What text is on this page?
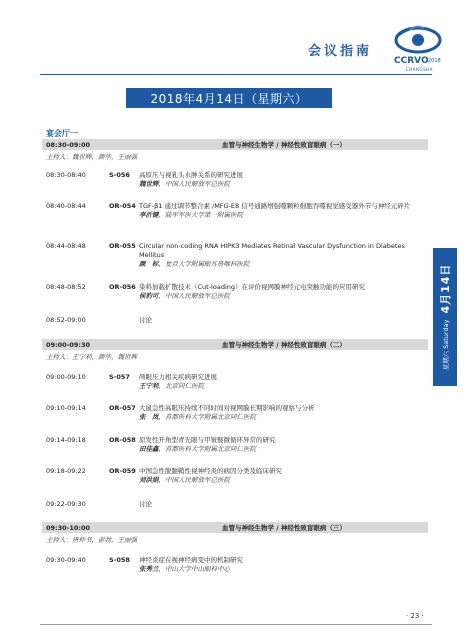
会议指南
CCRVO 2018
CHANGSHA
2018年4月14日（星期六）
宴会厅一
08:30-09:00	血管与神经生物学 / 神经性致盲眼病（一）
主持人：魏世辉，颜华，王丽强
08:30-08:40	S-056	高原压与视乳头水肿关系的研究进展
魏世辉，中国人民解放军总医院
08:40-08:44	OR-054 TGF-β1 通过调节整合素 /MFG-E8 信号通路增强噬颗粒细胞吞噬视觉感受器外节与神经元碎片
李沂键，陆军军医大学第一附属医院
08:44-08:48	OR-055 Circular non-coding RNA HIPK3 Mediates Retinal Vascular Dysfunction in Diabetes Mellitus
颜　标，复旦大学附属眼耳鼻喉科医院
08:48-08:52	OR-056 染料加载扩散技术（Cut-loading）在评价视网膜神经元电突触功能的应用研究
侯豹可，中国人民解放军总医院
08:52-09:00	讨论
09:00-09:30	血管与神经生物学 / 神经性致盲眼病（二）
主持人：王宁利，颜华，魏世辉
09:00-09:10	S-057	颅眼压力相关疾病研究进展
王宁利，北京同仁医院
09:10-09:14	OR-057 大鼠急性高眼压持续不同时间对视网膜长期影响的观察与分析
张　岚，首都医科大学附属北京同仁医院
09:14-09:18	OR-058 原发性开角型青光眼与甲皱襞微循环异常的研究
田佳鑫，首都医科大学附属北京同仁医院
09:18-09:22	OR-059 中国急性脱髓鞘性视神经炎的病因分类及临床研究
刘洪娟，中国人民解放军总医院
09:22-09:30	讨论
09:30-10:00	血管与神经生物学 / 神经性致盲眼病（三）
主持人：唐仲书，彭勃，王丽强
09:30-09:40	S-058	神经炎症在视神经病变中的机制研究
张秀兰，中山大学中山眼科中心
星期六 Saturday
4月14日
· 23 ·
